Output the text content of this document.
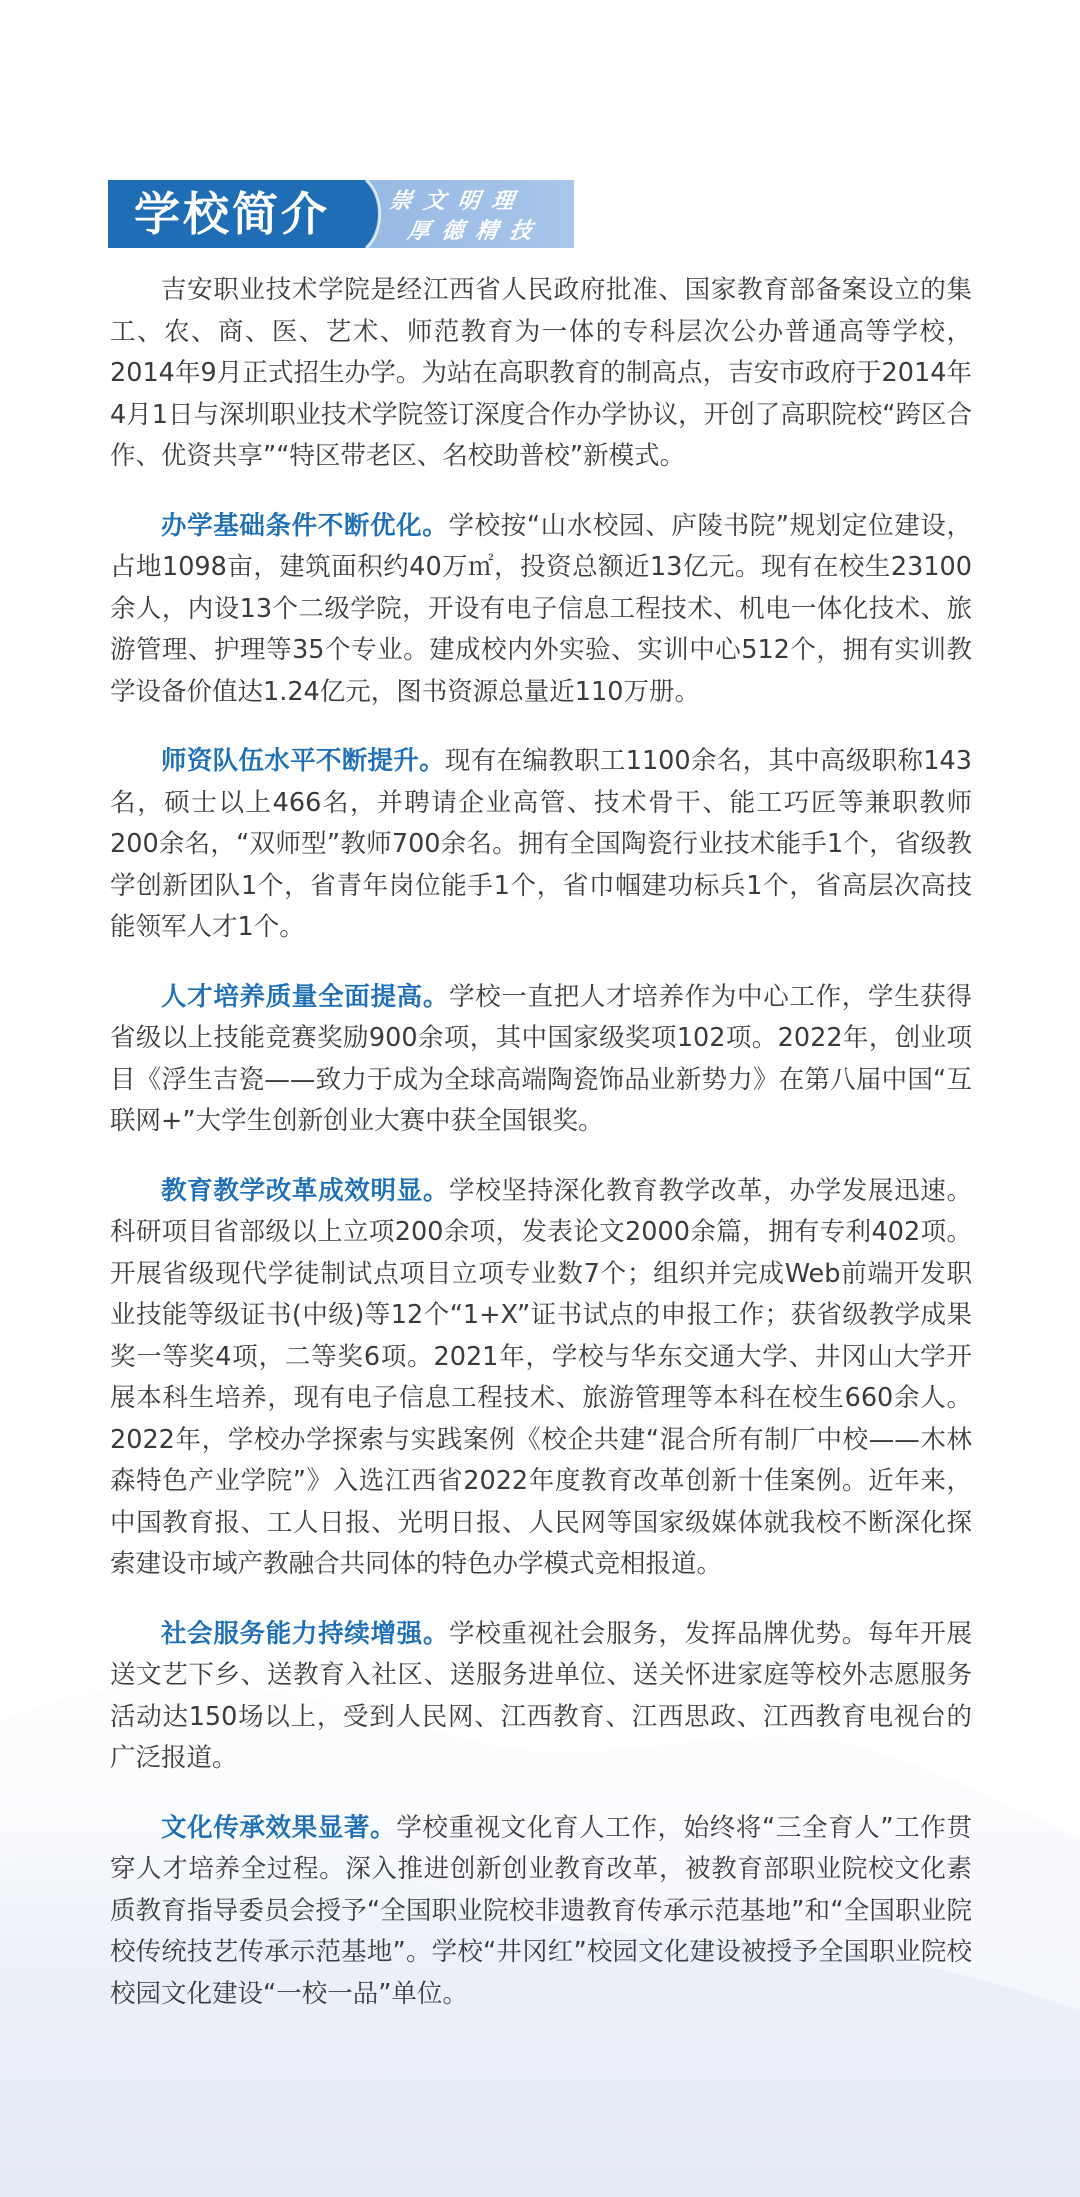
学校简介	崇文明理
厚德精技

吉安职业技术学院是经江西省人民政府批准、国家教育部备案设立的集工、农、商、医、艺术、师范教育为一体的专科层次公办普通高等学校，2014年9月正式招生办学。为站在高职教育的制高点，吉安市政府于2014年4月1日与深圳职业技术学院签订深度合作办学协议，开创了高职院校“跨区合作、优资共享”“特区带老区、名校助普校”新模式。

办学基础条件不断优化。学校按“山水校园、庐陵书院”规划定位建设，占地1098亩，建筑面积约40万㎡，投资总额近13亿元。现有在校生23100余人，内设13个二级学院，开设有电子信息工程技术、机电一体化技术、旅游管理、护理等35个专业。建成校内外实验、实训中心512个，拥有实训教学设备价值达1.24亿元，图书资源总量近110万册。

师资队伍水平不断提升。现有在编教职工1100余名，其中高级职称143名，硕士以上466名，并聘请企业高管、技术骨干、能工巧匠等兼职教师200余名，“双师型”教师700余名。拥有全国陶瓷行业技术能手1个，省级教学创新团队1个，省青年岗位能手1个，省巾帼建功标兵1个，省高层次高技能领军人才1个。

人才培养质量全面提高。学校一直把人才培养作为中心工作，学生获得省级以上技能竞赛奖励900余项，其中国家级奖项102项。2022年，创业项目《浮生吉瓷——致力于成为全球高端陶瓷饰品业新势力》在第八届中国“互联网+”大学生创新创业大赛中获全国银奖。

教育教学改革成效明显。学校坚持深化教育教学改革，办学发展迅速。科研项目省部级以上立项200余项，发表论文2000余篇，拥有专利402项。开展省级现代学徒制试点项目立项专业数7个；组织并完成Web前端开发职业技能等级证书(中级)等12个“1+X”证书试点的申报工作；获省级教学成果奖一等奖4项，二等奖6项。2021年，学校与华东交通大学、井冈山大学开展本科生培养，现有电子信息工程技术、旅游管理等本科在校生660余人。2022年，学校办学探索与实践案例《校企共建“混合所有制厂中校——木林森特色产业学院”》入选江西省2022年度教育改革创新十佳案例。近年来，中国教育报、工人日报、光明日报、人民网等国家级媒体就我校不断深化探索建设市域产教融合共同体的特色办学模式竞相报道。

社会服务能力持续增强。学校重视社会服务，发挥品牌优势。每年开展送文艺下乡、送教育入社区、送服务进单位、送关怀进家庭等校外志愿服务活动达150场以上，受到人民网、江西教育、江西思政、江西教育电视台的广泛报道。

文化传承效果显著。学校重视文化育人工作，始终将“三全育人”工作贯穿人才培养全过程。深入推进创新创业教育改革，被教育部职业院校文化素质教育指导委员会授予“全国职业院校非遗教育传承示范基地”和“全国职业院校传统技艺传承示范基地”。学校“井冈红”校园文化建设被授予全国职业院校校园文化建设“一校一品”单位。
